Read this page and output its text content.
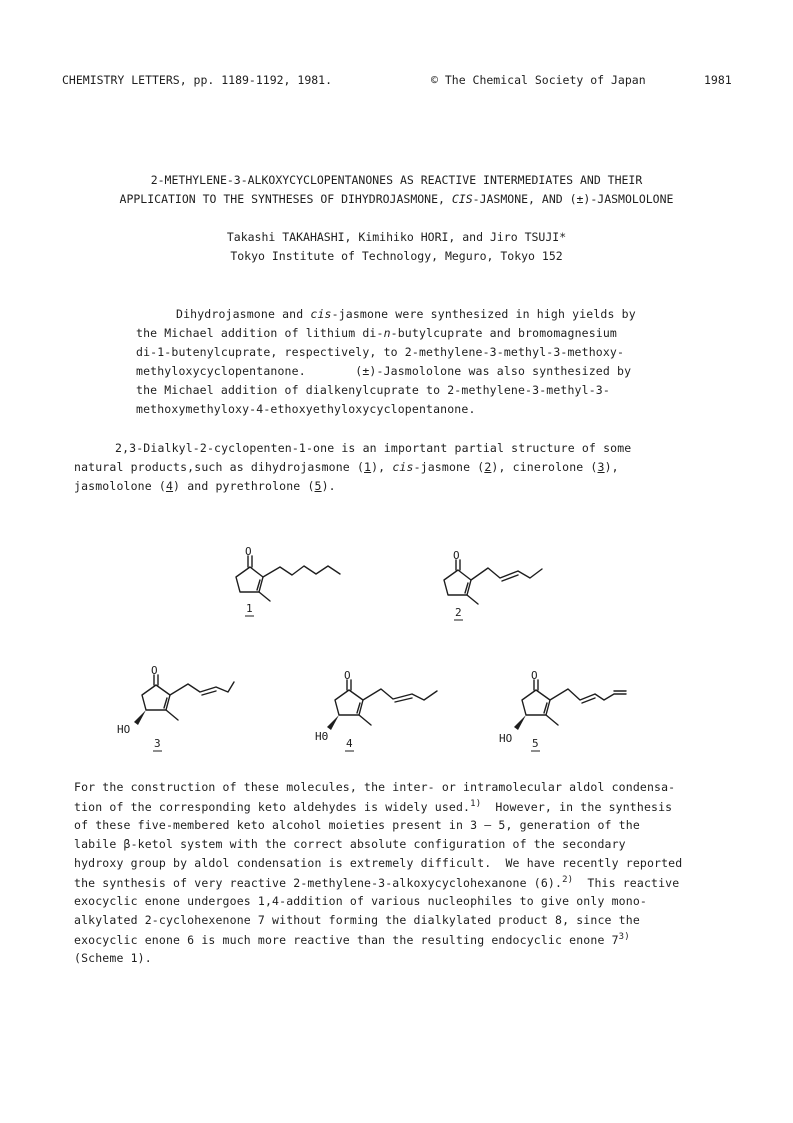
CHEMISTRY LETTERS, pp. 1189-1192, 1981.	© The Chemical Society of Japan	1981
2-METHYLENE-3-ALKOXYCYCLOPENTANONES AS REACTIVE INTERMEDIATES AND THEIR
APPLICATION TO THE SYNTHESES OF DIHYDROJASMONE, CIS-JASMONE, AND (±)-JASMOLOLONE
Takashi TAKAHASHI, Kimihiko HORI, and Jiro TSUJI*
Tokyo Institute of Technology, Meguro, Tokyo 152
Dihydrojasmone and cis-jasmone were synthesized in high yields by
the Michael addition of lithium di-n-butylcuprate and bromomagnesium
di-1-butenylcuprate, respectively, to 2-methylene-3-methyl-3-methoxy-
methyloxycyclopentanone.       (±)-Jasmololone was also synthesized by
the Michael addition of dialkenylcuprate to 2-methylene-3-methyl-3-
methoxymethyloxy-4-ethoxyethyloxycyclopentanone.
2,3-Dialkyl-2-cyclopenten-1-one is an important partial structure of some
natural products,such as dihydrojasmone (1), cis-jasmone (2), cinerolone (3),
jasmololone (4) and pyrethrolone (5).
O	O
O	O	O
HO
HΘ	HO
1	2
3	4	5
For the construction of these molecules, the inter- or intramolecular aldol condensa-
tion of the corresponding keto aldehydes is widely used.$^{1)}$  However, in the synthesis
of these five-membered keto alcohol moieties present in 3 — 5, generation of the
labile β-ketol system with the correct absolute configuration of the secondary
hydroxy group by aldol condensation is extremely difficult.  We have recently reported
the synthesis of very reactive 2-methylene-3-alkoxycyclohexanone (6).$^{2)}$  This reactive
exocyclic enone undergoes 1,4-addition of various nucleophiles to give only mono-
alkylated 2-cyclohexenone 7 without forming the dialkylated product 8, since the
exocyclic enone 6 is much more reactive than the resulting endocyclic enone 7$^{3)}$
(Scheme 1).
